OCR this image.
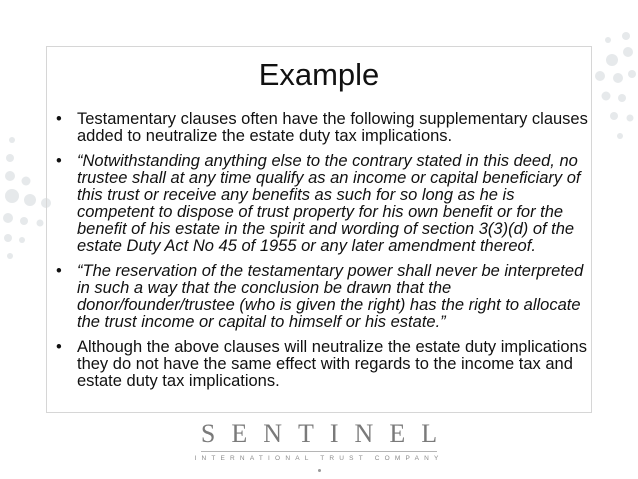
Example
• Testamentary clauses often have the following supplementary clauses added to neutralize the estate duty tax implications.
• “Notwithstanding anything else to the contrary stated in this deed, no trustee shall at any time qualify as an income or capital beneficiary of this trust or receive any benefits as such for so long as he is competent to dispose of trust property for his own benefit or for the benefit of his estate in the spirit and wording of section 3(3)(d) of the estate Duty Act No 45 of 1955 or any later amendment thereof.
• “The reservation of the testamentary power shall never be interpreted in such a way that the conclusion be drawn that the donor/founder/trustee (who is given the right) has the right to allocate the trust income or capital to himself or his estate.”
• Although the above clauses will neutralize the estate duty implications they do not have the same effect with regards to the income tax and estate duty tax implications.
SENTINEL
INTERNATIONAL TRUST COMPANY
